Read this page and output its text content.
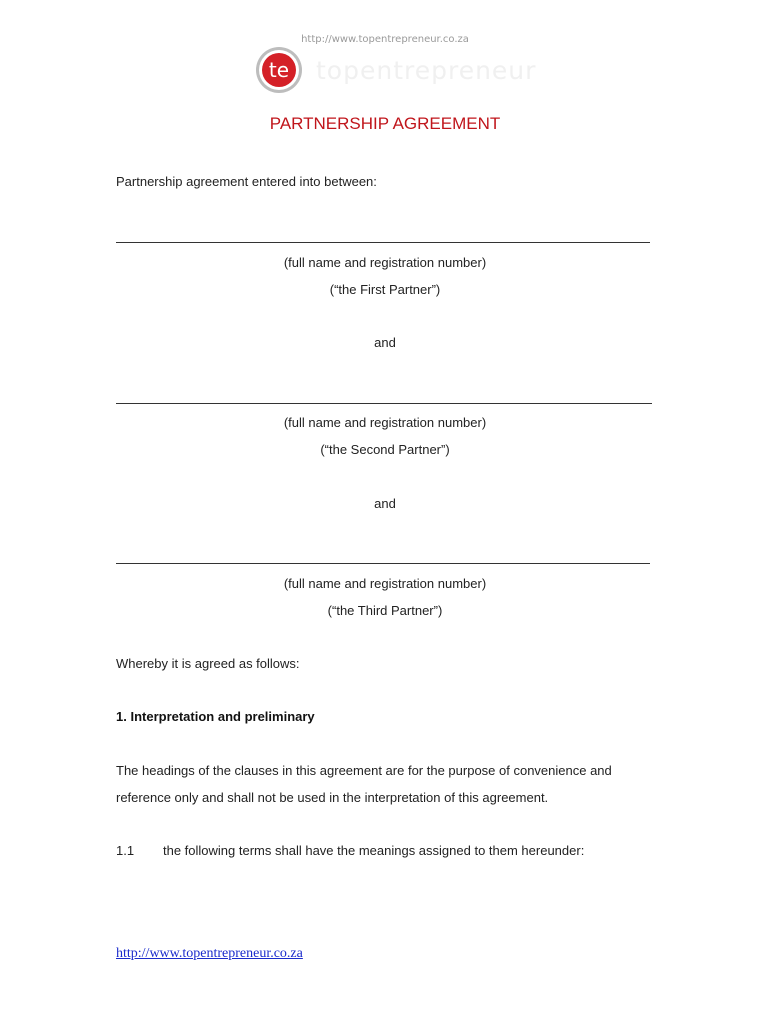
http://www.topentrepreneur.co.za
te topentrepreneur
PARTNERSHIP AGREEMENT
Partnership agreement entered into between:
(full name and registration number)
(“the First Partner”)
and
(full name and registration number)
(“the Second Partner”)
and
(full name and registration number)
(“the Third Partner”)
Whereby it is agreed as follows:
1. Interpretation and preliminary
The headings of the clauses in this agreement are for the purpose of convenience and
reference only and shall not be used in the interpretation of this agreement.
1.1 the following terms shall have the meanings assigned to them hereunder:
http://www.topentrepreneur.co.za
